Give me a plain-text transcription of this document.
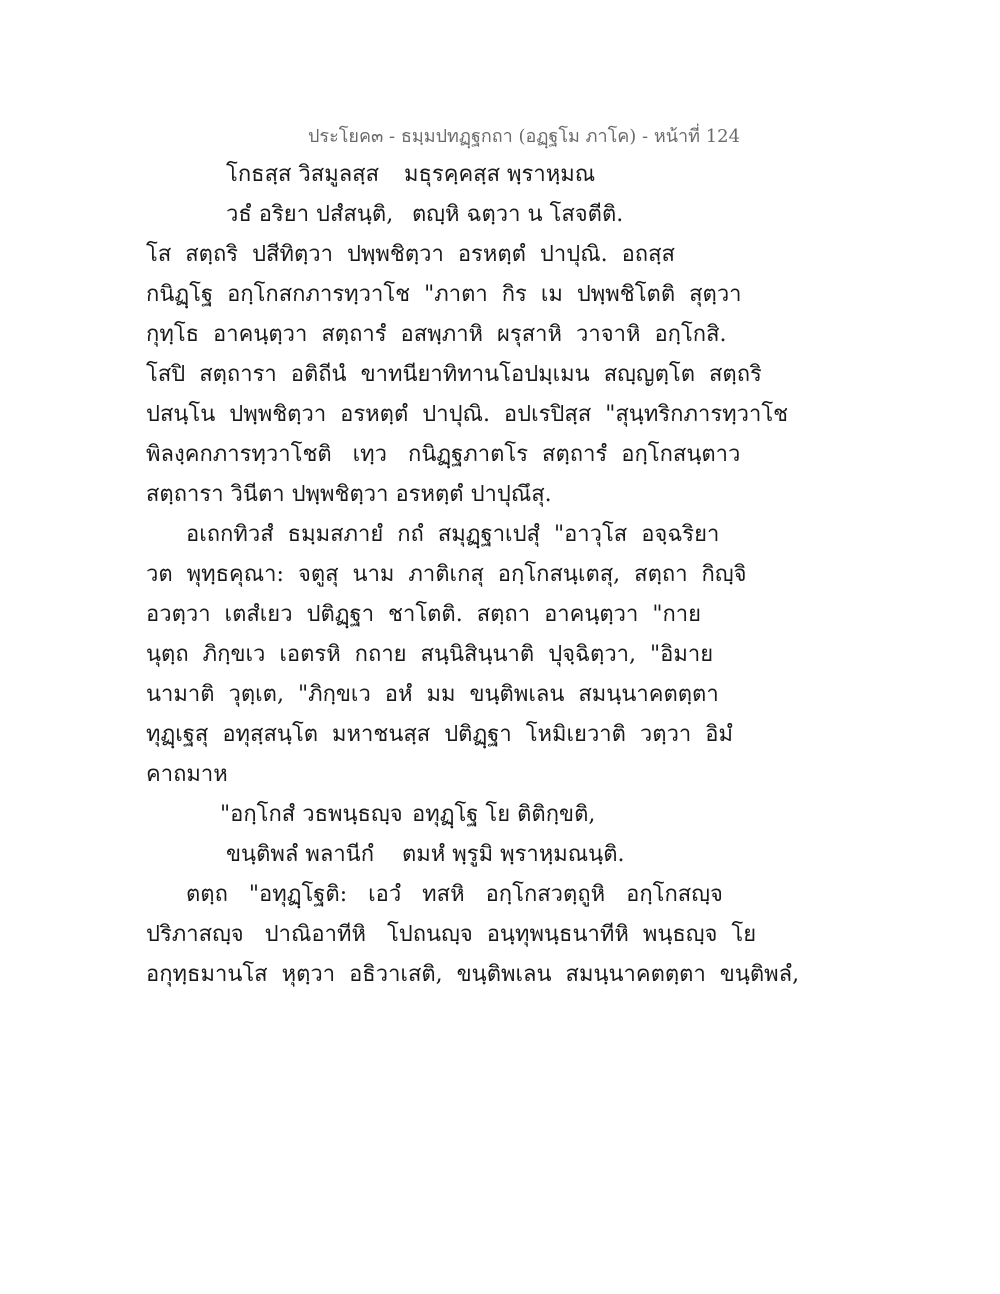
ประโยค๓ - ธมฺมปทฏฺฐกถา (อฏฺฐโม ภาโค) - หน้าที่ 124
โกธสฺส วิสมูลสฺส มธุรคฺคสฺส พฺราหฺมณ
วธํ อริยา ปสํสนฺติ, ตญฺหิ ฉตฺวา น โสจตีติ.
โส  สตฺถริ  ปสีทิตฺวา  ปพฺพชิตฺวา  อรหตฺตํ  ปาปุณิ.  อถสฺส
กนิฏฺโฐ  อกฺโกสกภารทฺวาโช  "ภาตา  กิร  เม  ปพฺพชิโตติ  สุตฺวา
กุทฺโธ  อาคนฺตฺวา  สตฺถารํ  อสพฺภาหิ  ผรุสาหิ  วาจาหิ  อกฺโกสิ.
โสปิ  สตฺถารา  อติถีนํ  ขาทนียาทิทานโอปมฺเมน  สญฺญตฺโต  สตฺถริ
ปสนฺโน  ปพฺพชิตฺวา  อรหตฺตํ  ปาปุณิ.  อปเรปิสฺส  "สุนฺทริกภารทฺวาโช
พิลงฺคกภารทฺวาโชติ   เทฺว   กนิฏฺฐภาตโร  สตฺถารํ  อกฺโกสนฺตาว
สตฺถารา วินีตา ปพฺพชิตฺวา อรหตฺตํ ปาปุณึสุ.
อเถกทิวสํ  ธมฺมสภายํ  กถํ  สมุฏฺฐาเปสุํ  "อาวุโส  อจฺฉริยา
วต  พุทฺธคุณา:  จตูสุ  นาม  ภาติเกสุ  อกฺโกสนฺเตสุ,  สตฺถา  กิญฺจิ
อวตฺวา  เตสํเยว  ปติฏฺฐา  ชาโตติ.  สตฺถา  อาคนฺตฺวา  "กาย
นุตฺถ  ภิกฺขเว  เอตรหิ  กถาย  สนฺนิสินฺนาติ  ปุจฺฉิตฺวา,  "อิมาย
นามาติ  วุตฺเต,  "ภิกฺขเว  อหํ  มม  ขนฺติพเลน  สมนฺนาคตตฺตา
ทุฏฺเฐสุ  อทุสฺสนฺโต  มหาชนสฺส  ปติฏฺฐา  โหมิเยวาติ  วตฺวา  อิมํ
คาถมาห
"อกฺโกสํ วธพนฺธญฺจ อทุฏฺโฐ โย ติติกฺขติ,
ขนฺติพลํ พลานีกํ ตมหํ พฺรูมิ พฺราหฺมณนฺติ.
ตตฺถ   "อทุฏฺโฐติ:   เอวํ   ทสหิ   อกฺโกสวตฺถูหิ   อกฺโกสญฺจ
ปริภาสญฺจ   ปาณิอาทีหิ   โปถนญฺจ  อนฺทุพนฺธนาทีหิ  พนฺธญฺจ  โย
อกุทฺธมานโส  หุตฺวา  อธิวาเสติ,  ขนฺติพเลน  สมนฺนาคตตฺตา  ขนฺติพลํ,
